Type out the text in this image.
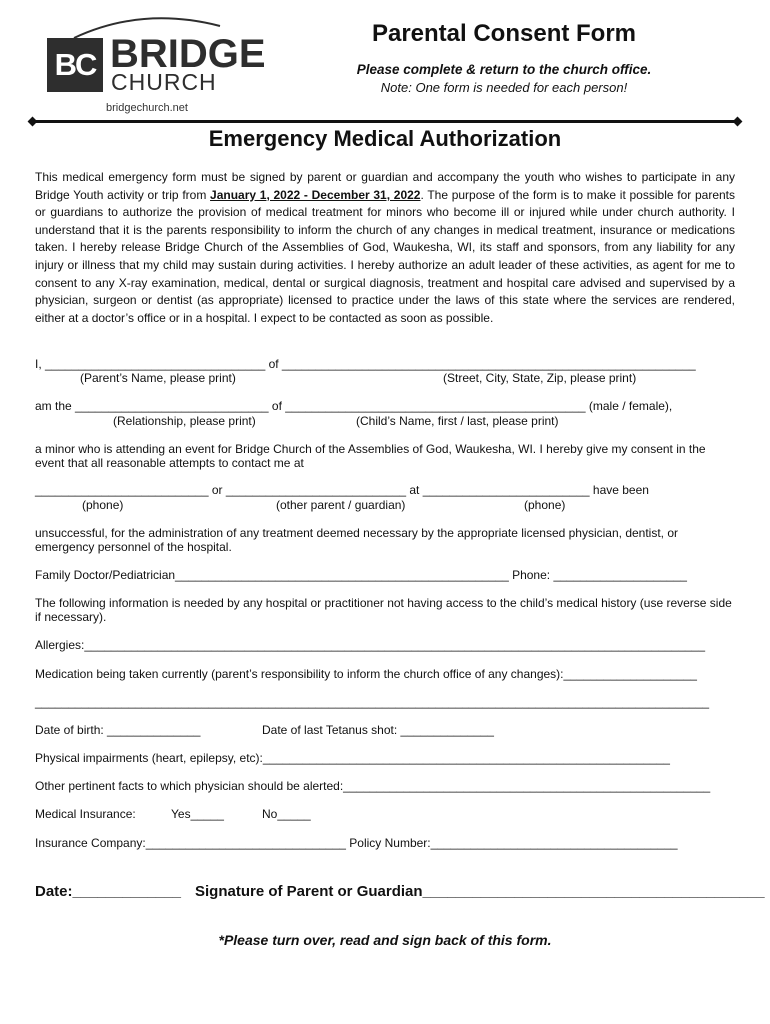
BC BRIDGE
CHURCH
bridgechurch.net
Parental Consent Form
Please complete & return to the church office.
Note: One form is needed for each person!
Emergency Medical Authorization
This medical emergency form must be signed by parent or guardian and accompany the youth who wishes to participate in any Bridge Youth activity or trip from January 1, 2022 - December 31, 2022. The purpose of the form is to make it possible for parents or guardians to authorize the provision of medical treatment for minors who become ill or injured while under church authority. I understand that it is the parents responsibility to inform the church of any changes in medical treatment, insurance or medications taken. I hereby release Bridge Church of the Assemblies of God, Waukesha, WI, its staff and sponsors, from any liability for any injury or illness that my child may sustain during activities. I hereby authorize an adult leader of these activities, as agent for me to consent to any X-ray examination, medical, dental or surgical diagnosis, treatment and hospital care advised and supervised by a physician, surgeon or dentist (as appropriate) licensed to practice under the laws of this state where the services are rendered, either at a doctor’s office or in a hospital. I expect to be contacted as soon as possible.
I, _________________________________ of ______________________________________________________________
(Parent’s Name, please print)	(Street, City, State, Zip, please print)
am the _____________________________ of _____________________________________________ (male / female),
(Relationship, please print)	(Child’s Name, first / last, please print)
a minor who is attending an event for Bridge Church of the Assemblies of God, Waukesha, WI. I hereby give my consent in the event that all reasonable attempts to contact me at
__________________________ or ___________________________ at _________________________ have been
(phone)	(other parent / guardian)	(phone)
unsuccessful, for the administration of any treatment deemed necessary by the appropriate licensed physician, dentist, or emergency personnel of the hospital.
Family Doctor/Pediatrician__________________________________________________ Phone: ____________________
The following information is needed by any hospital or practitioner not having access to the child’s medical history (use reverse side if necessary).
Allergies:_____________________________________________________________________________________________
Medication being taken currently (parent’s responsibility to inform the church office of any changes):____________________
_____________________________________________________________________________________________________
Date of birth: ______________	Date of last Tetanus shot: ______________
Physical impairments (heart, epilepsy, etc):_____________________________________________________________
Other pertinent facts to which physician should be alerted:_______________________________________________________
Medical Insurance:	Yes_____	No_____
Insurance Company:______________________________ Policy Number:_____________________________________
Date:_____________ Signature of Parent or Guardian_________________________________________
*Please turn over, read and sign back of this form.
